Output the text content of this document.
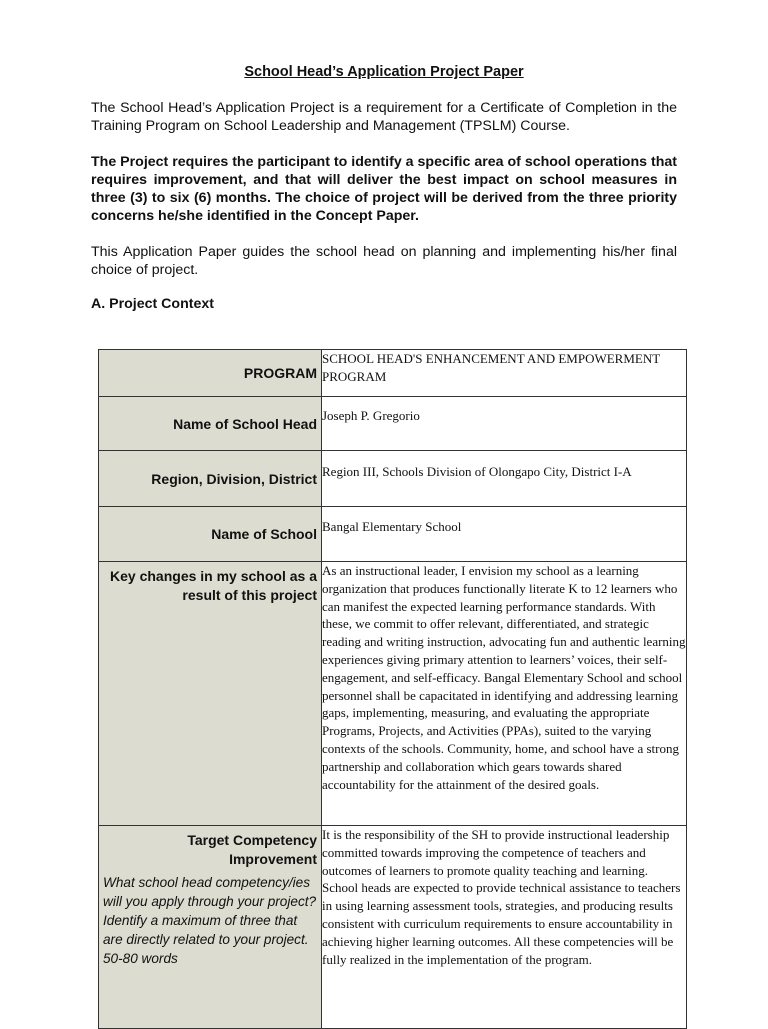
School Head’s Application Project Paper
The School Head’s Application Project is a requirement for a Certificate of Completion in the Training Program on School Leadership and Management (TPSLM) Course.
The Project requires the participant to identify a specific area of school operations that requires improvement, and that will deliver the best impact on school measures in three (3) to six (6) months. The choice of project will be derived from the three priority concerns he/she identified in the Concept Paper.
This Application Paper guides the school head on planning and implementing his/her final choice of project.
A. Project Context
PROGRAM	SCHOOL HEAD'S ENHANCEMENT AND EMPOWERMENT PROGRAM

Name of School Head	Joseph P. Gregorio

Region, Division, District	Region III, Schools Division of Olongapo City, District I-A

Name of School	Bangal Elementary School

Key changes in my school as a result of this project	As an instructional leader, I envision my school as a learning organization that produces functionally literate K to 12 learners who can manifest the expected learning performance standards. With these, we commit to offer relevant, differentiated, and strategic reading and writing instruction, advocating fun and authentic learning experiences giving primary attention to learners’ voices, their self-engagement, and self-efficacy. Bangal Elementary School and school personnel shall be capacitated in identifying and addressing learning gaps, implementing, measuring, and evaluating the appropriate Programs, Projects, and Activities (PPAs), suited to the varying contexts of the schools. Community, home, and school have a strong partnership and collaboration which gears towards shared accountability for the attainment of the desired goals.

Target Competency Improvement
What school head competency/ies will you apply through your project? Identify a maximum of three that are directly related to your project. 50-80 words	It is the responsibility of the SH to provide instructional leadership committed towards improving the competence of teachers and outcomes of learners to promote quality teaching and learning. School heads are expected to provide technical assistance to teachers in using learning assessment tools, strategies, and producing results consistent with curriculum requirements to ensure accountability in achieving higher learning outcomes. All these competencies will be fully realized in the implementation of the program.
